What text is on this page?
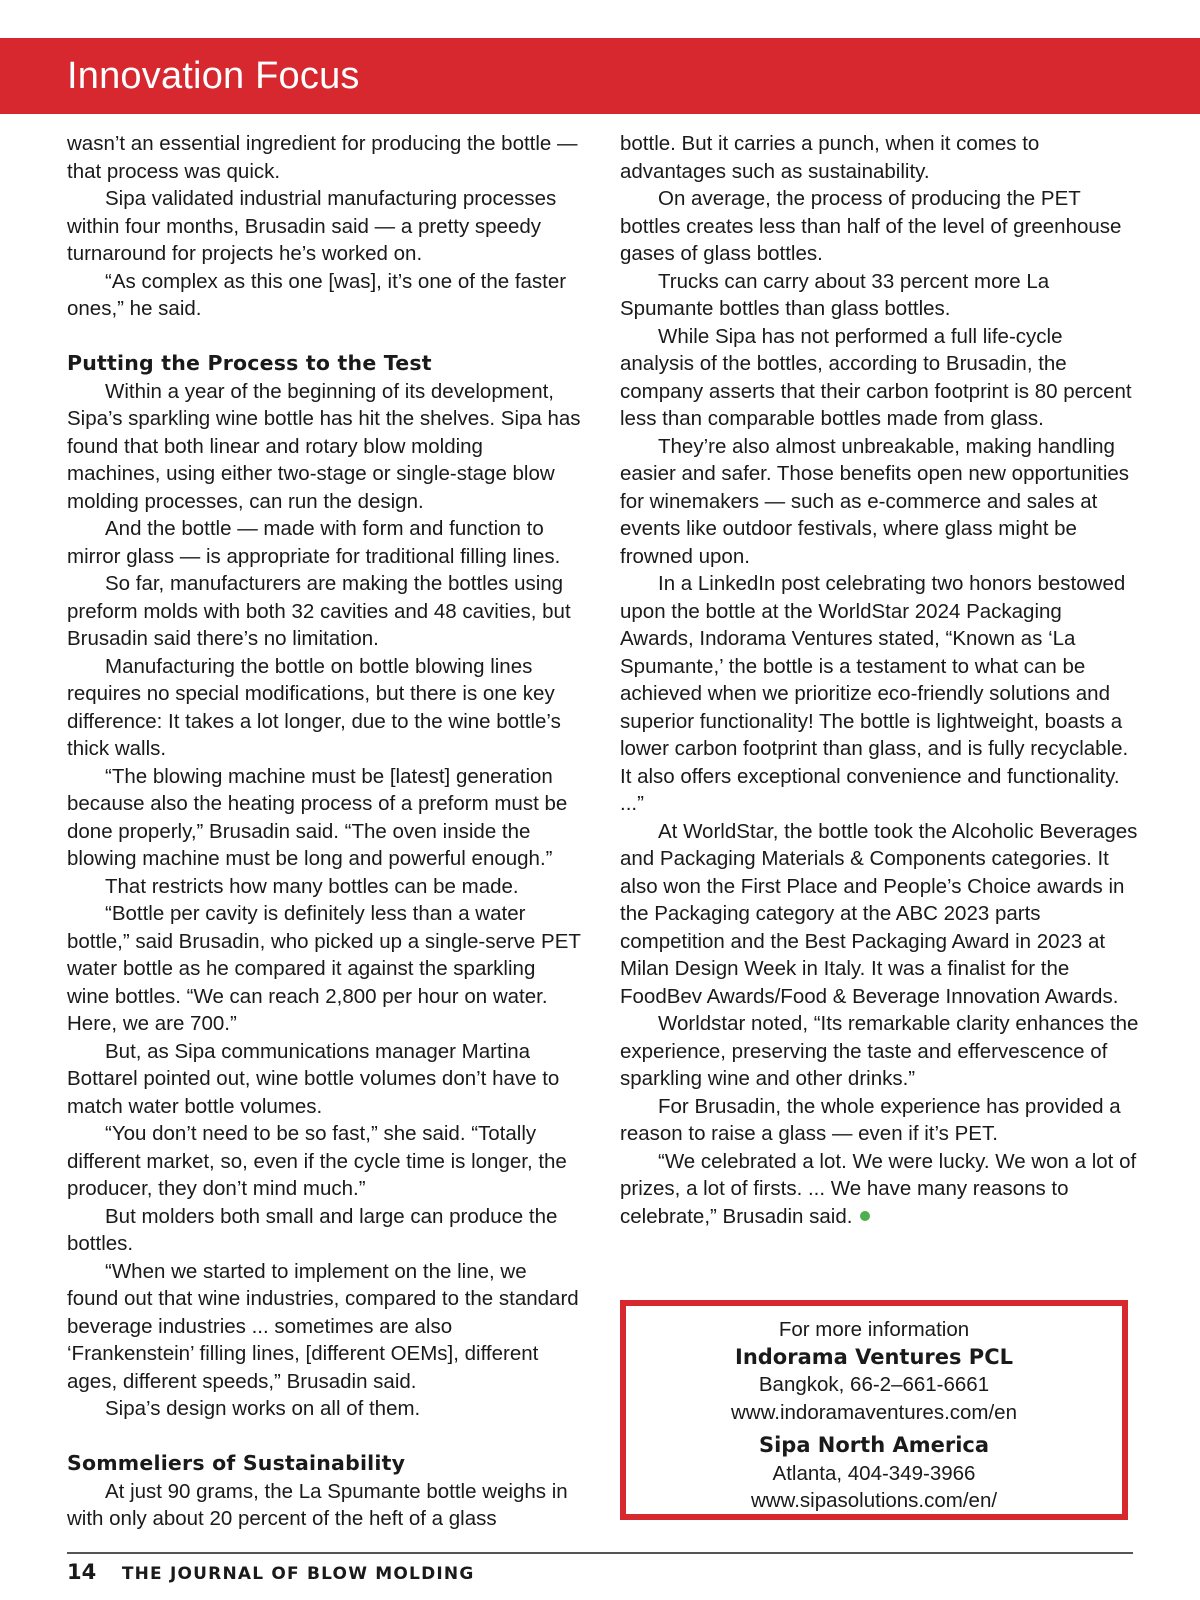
Innovation Focus

wasn’t an essential ingredient for producing the bottle — that process was quick.

Sipa validated industrial manufacturing processes within four months, Brusadin said — a pretty speedy turnaround for projects he’s worked on.

“As complex as this one [was], it’s one of the faster ones,” he said.

Putting the Process to the Test

Within a year of the beginning of its development, Sipa’s sparkling wine bottle has hit the shelves. Sipa has found that both linear and rotary blow molding machines, using either two-stage or single-stage blow molding processes, can run the design.

And the bottle — made with form and function to mirror glass — is appropriate for traditional filling lines.

So far, manufacturers are making the bottles using preform molds with both 32 cavities and 48 cavities, but Brusadin said there’s no limitation.

Manufacturing the bottle on bottle blowing lines requires no special modifications, but there is one key difference: It takes a lot longer, due to the wine bottle’s thick walls.

“The blowing machine must be [latest] generation because also the heating process of a preform must be done properly,” Brusadin said. “The oven inside the blowing machine must be long and powerful enough.”

That restricts how many bottles can be made.

“Bottle per cavity is definitely less than a water bottle,” said Brusadin, who picked up a single-serve PET water bottle as he compared it against the sparkling wine bottles. “We can reach 2,800 per hour on water. Here, we are 700.”

But, as Sipa communications manager Martina Bottarel pointed out, wine bottle volumes don’t have to match water bottle volumes.

“You don’t need to be so fast,” she said. “Totally different market, so, even if the cycle time is longer, the producer, they don’t mind much.”

But molders both small and large can produce the bottles.

“When we started to implement on the line, we found out that wine industries, compared to the standard beverage industries ... sometimes are also ‘Frankenstein’ filling lines, [different OEMs], different ages, different speeds,” Brusadin said.

Sipa’s design works on all of them.

Sommeliers of Sustainability

At just 90 grams, the La Spumante bottle weighs in with only about 20 percent of the heft of a glass

bottle. But it carries a punch, when it comes to advantages such as sustainability.

On average, the process of producing the PET bottles creates less than half of the level of greenhouse gases of glass bottles.

Trucks can carry about 33 percent more La Spumante bottles than glass bottles.

While Sipa has not performed a full life-cycle analysis of the bottles, according to Brusadin, the company asserts that their carbon footprint is 80 percent less than comparable bottles made from glass.

They’re also almost unbreakable, making handling easier and safer. Those benefits open new opportunities for winemakers — such as e-commerce and sales at events like outdoor festivals, where glass might be frowned upon.

In a LinkedIn post celebrating two honors bestowed upon the bottle at the WorldStar 2024 Packaging Awards, Indorama Ventures stated, “Known as ‘La Spumante,’ the bottle is a testament to what can be achieved when we prioritize eco-friendly solutions and superior functionality! The bottle is lightweight, boasts a lower carbon footprint than glass, and is fully recyclable. It also offers exceptional convenience and functionality. ...”

At WorldStar, the bottle took the Alcoholic Beverages and Packaging Materials & Components categories. It also won the First Place and People’s Choice awards in the Packaging category at the ABC 2023 parts competition and the Best Packaging Award in 2023 at Milan Design Week in Italy. It was a finalist for the FoodBev Awards/Food & Beverage Innovation Awards.

Worldstar noted, “Its remarkable clarity enhances the experience, preserving the taste and effervescence of sparkling wine and other drinks.”

For Brusadin, the whole experience has provided a reason to raise a glass — even if it’s PET.

“We celebrated a lot. We were lucky. We won a lot of prizes, a lot of firsts. ... We have many reasons to celebrate,” Brusadin said.

For more information
Indorama Ventures PCL
Bangkok, 66-2–661-6661
www.indoramaventures.com/en
Sipa North America
Atlanta, 404-349-3966
www.sipasolutions.com/en/
14 THE JOURNAL OF BLOW MOLDING
